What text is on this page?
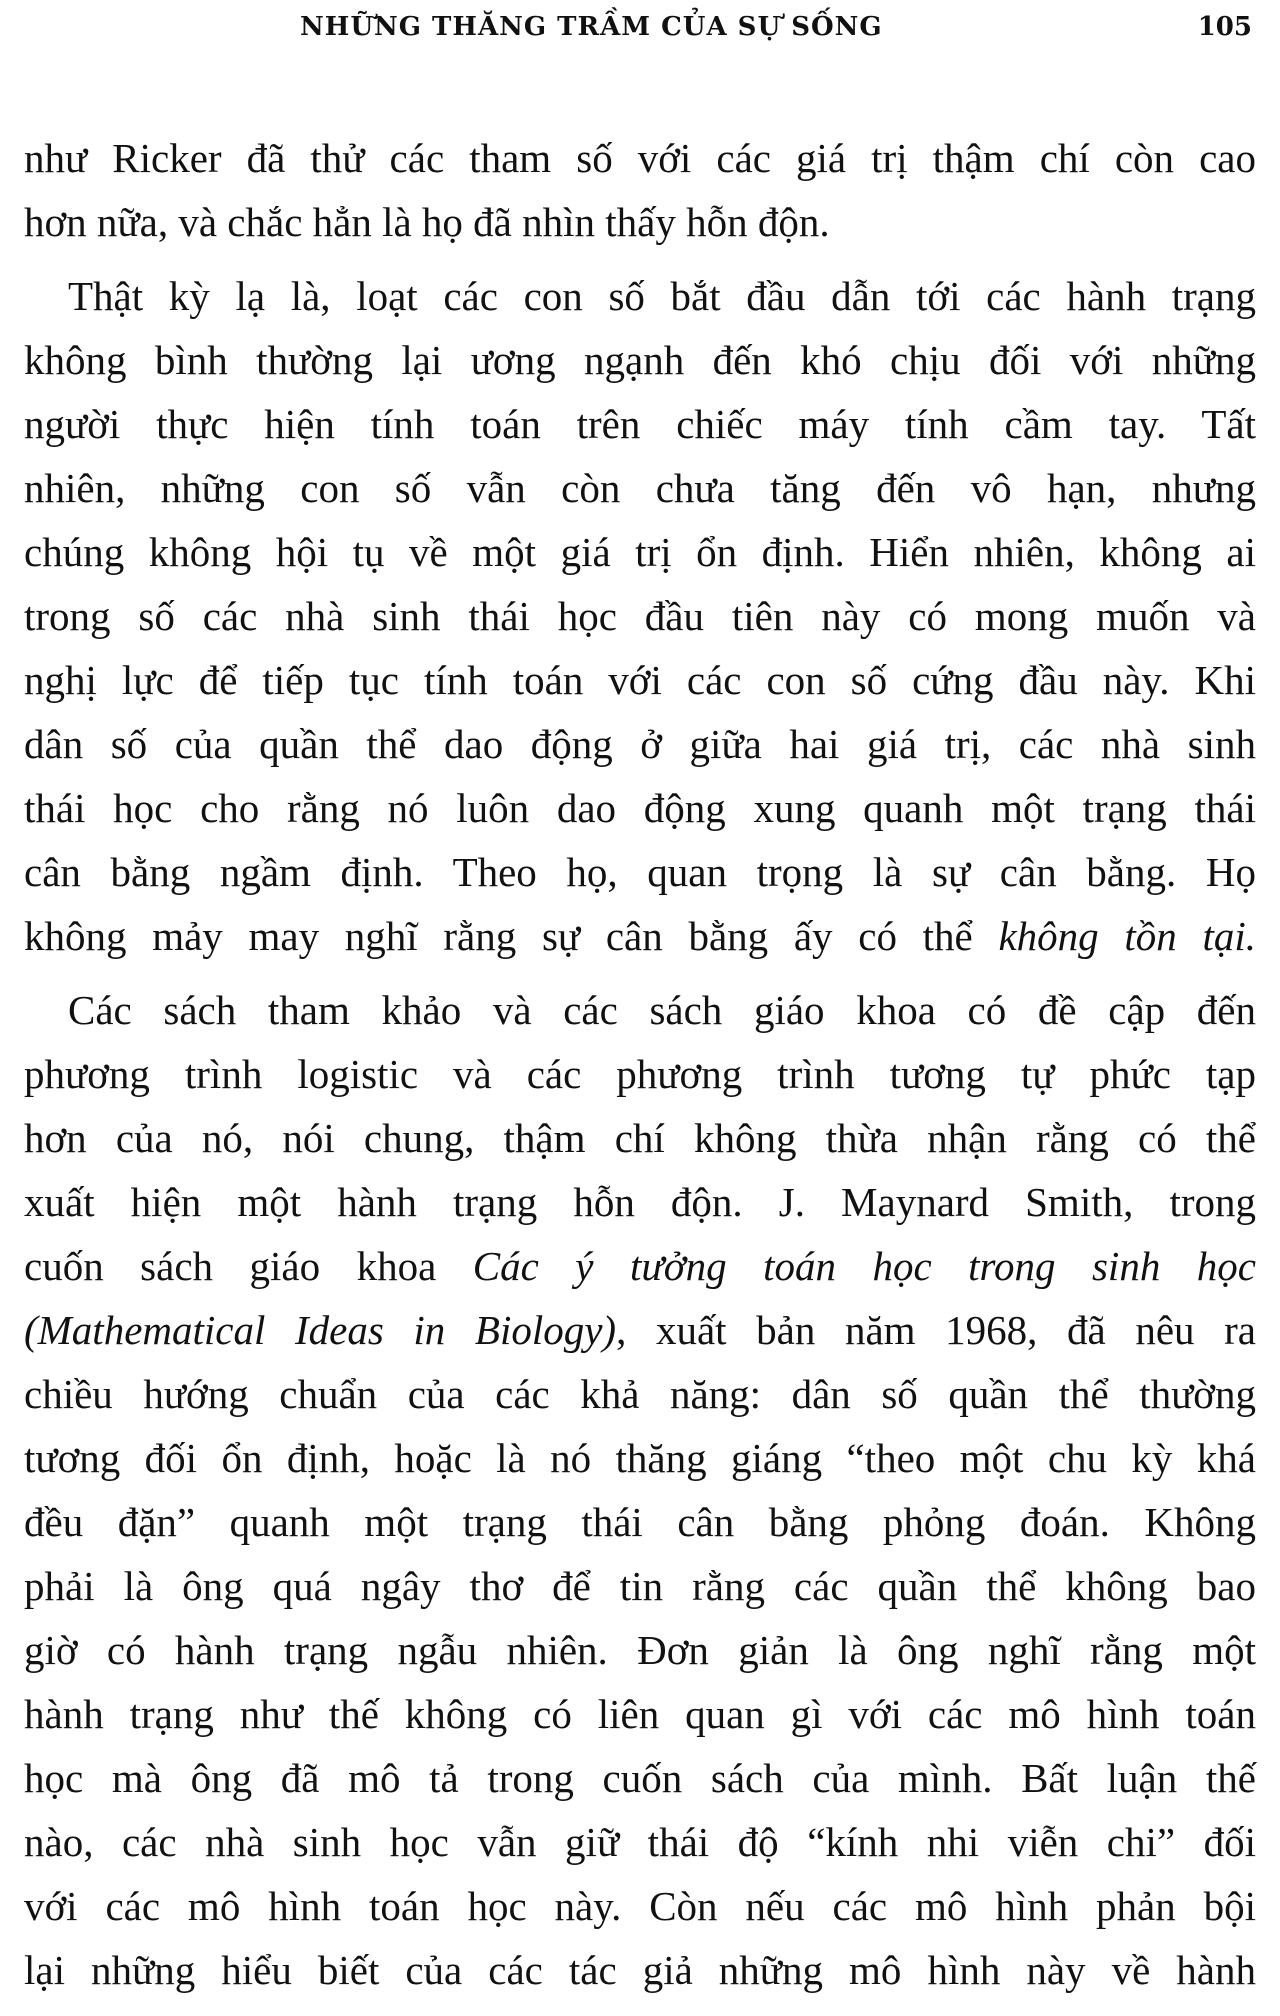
NHỮNG THĂNG TRẦM CỦA SỰ SỐNG	105
như Ricker đã thử các tham số với các giá trị thậm chí còn cao
hơn nữa, và chắc hẳn là họ đã nhìn thấy hỗn độn.
Thật kỳ lạ là, loạt các con số bắt đầu dẫn tới các hành trạng
không bình thường lại ương ngạnh đến khó chịu đối với những
người thực hiện tính toán trên chiếc máy tính cầm tay. Tất
nhiên, những con số vẫn còn chưa tăng đến vô hạn, nhưng
chúng không hội tụ về một giá trị ổn định. Hiển nhiên, không ai
trong số các nhà sinh thái học đầu tiên này có mong muốn và
nghị lực để tiếp tục tính toán với các con số cứng đầu này. Khi
dân số của quần thể dao động ở giữa hai giá trị, các nhà sinh
thái học cho rằng nó luôn dao động xung quanh một trạng thái
cân bằng ngầm định. Theo họ, quan trọng là sự cân bằng. Họ
không mảy may nghĩ rằng sự cân bằng ấy có thể không tồn tại.
Các sách tham khảo và các sách giáo khoa có đề cập đến
phương trình logistic và các phương trình tương tự phức tạp
hơn của nó, nói chung, thậm chí không thừa nhận rằng có thể
xuất hiện một hành trạng hỗn độn. J. Maynard Smith, trong
cuốn sách giáo khoa Các ý tưởng toán học trong sinh học
(Mathematical Ideas in Biology), xuất bản năm 1968, đã nêu ra
chiều hướng chuẩn của các khả năng: dân số quần thể thường
tương đối ổn định, hoặc là nó thăng giáng “theo một chu kỳ khá
đều đặn” quanh một trạng thái cân bằng phỏng đoán. Không
phải là ông quá ngây thơ để tin rằng các quần thể không bao
giờ có hành trạng ngẫu nhiên. Đơn giản là ông nghĩ rằng một
hành trạng như thế không có liên quan gì với các mô hình toán
học mà ông đã mô tả trong cuốn sách của mình. Bất luận thế
nào, các nhà sinh học vẫn giữ thái độ “kính nhi viễn chi” đối
với các mô hình toán học này. Còn nếu các mô hình phản bội
lại những hiểu biết của các tác giả những mô hình này về hành
